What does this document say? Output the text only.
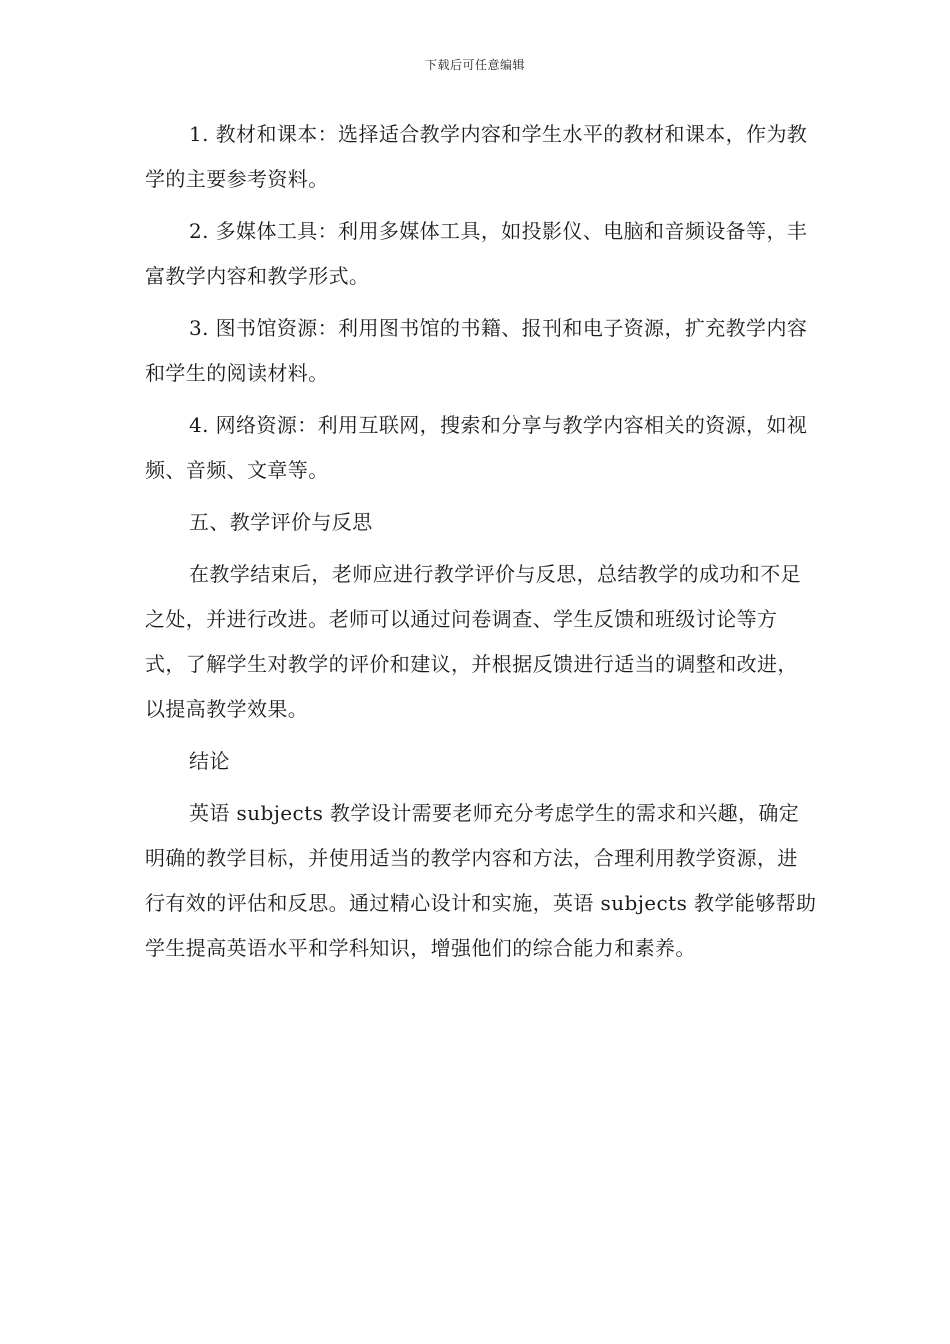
下载后可任意编辑

1. 教材和课本：选择适合教学内容和学生水平的教材和课本，作为教学的主要参考资料。

2. 多媒体工具：利用多媒体工具，如投影仪、电脑和音频设备等，丰富教学内容和教学形式。

3. 图书馆资源：利用图书馆的书籍、报刊和电子资源，扩充教学内容和学生的阅读材料。

4. 网络资源：利用互联网，搜索和分享与教学内容相关的资源，如视频、音频、文章等。

五、教学评价与反思

在教学结束后，老师应进行教学评价与反思，总结教学的成功和不足之处，并进行改进。老师可以通过问卷调查、学生反馈和班级讨论等方式，了解学生对教学的评价和建议，并根据反馈进行适当的调整和改进，以提高教学效果。

结论

英语 subjects 教学设计需要老师充分考虑学生的需求和兴趣，确定明确的教学目标，并使用适当的教学内容和方法，合理利用教学资源，进行有效的评估和反思。通过精心设计和实施，英语 subjects 教学能够帮助学生提高英语水平和学科知识，增强他们的综合能力和素养。
